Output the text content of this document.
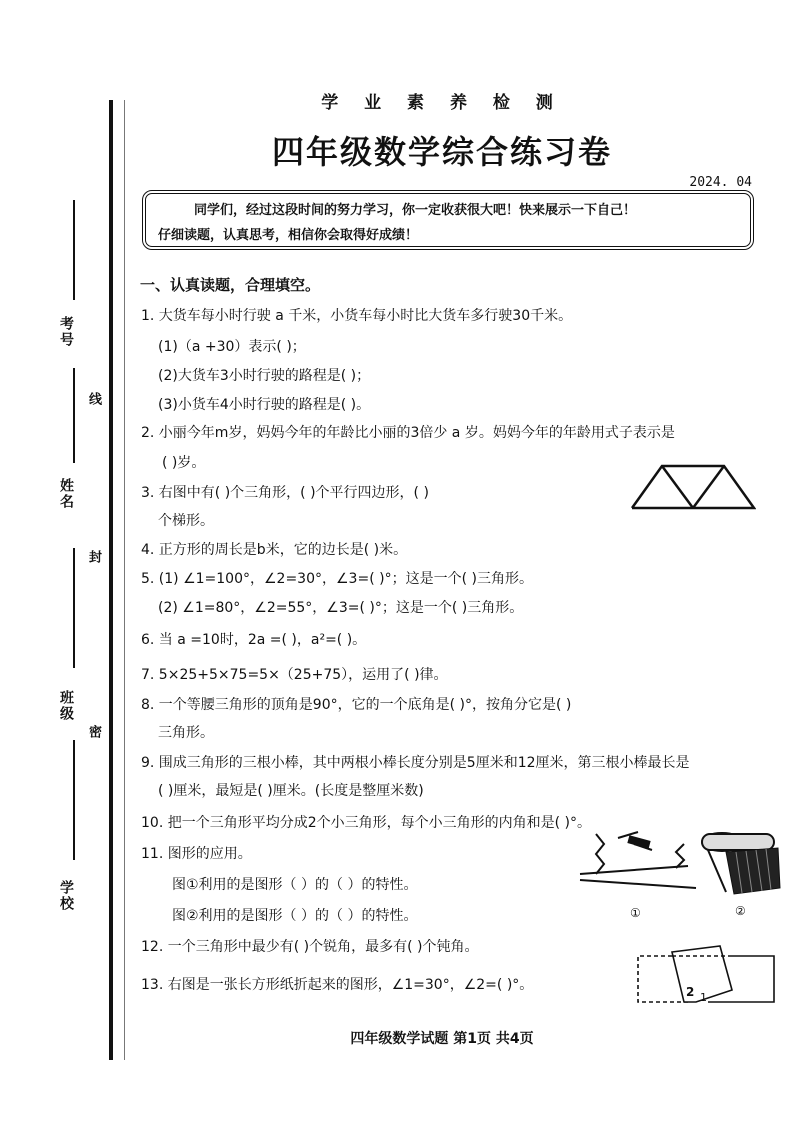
考号
姓名
班级
学校
线
封
密
学 业 素 养 检 测
四年级数学综合练习卷
2024. 04
同学们，经过这段时间的努力学习，你一定收获很大吧！快来展示一下自己！
仔细读题，认真思考，相信你会取得好成绩！
一、认真读题，合理填空。
1. 大货车每小时行驶 a 千米，小货车每小时比大货车多行驶30千米。
(1)（a +30）表示( )；
(2)大货车3小时行驶的路程是( )；
(3)小货车4小时行驶的路程是( )。
2. 小丽今年m岁，妈妈今年的年龄比小丽的3倍少 a 岁。妈妈今年的年龄用式子表示是
( )岁。
3. 右图中有( )个三角形，( )个平行四边形，( )
个梯形。
4. 正方形的周长是b米，它的边长是( )米。
5. (1) ∠1=100°，∠2=30°，∠3=( )°；这是一个( )三角形。
(2) ∠1=80°，∠2=55°，∠3=( )°；这是一个( )三角形。
6. 当 a =10时，2a =( )，a²=( )。
7. 5×25+5×75=5×（25+75），运用了( )律。
8. 一个等腰三角形的顶角是90°，它的一个底角是( )°，按角分它是( )
三角形。
9. 围成三角形的三根小棒，其中两根小棒长度分别是5厘米和12厘米，第三根小棒最长是
( )厘米，最短是( )厘米。(长度是整厘米数)
10. 把一个三角形平均分成2个小三角形，每个小三角形的内角和是( )°。
11. 图形的应用。
图①利用的是图形（ ）的（ ）的特性。
图②利用的是图形（ ）的（ ）的特性。	①	②
12. 一个三角形中最少有( )个锐角，最多有( )个钝角。
13. 右图是一张长方形纸折起来的图形，∠1=30°，∠2=( )°。	2 1
四年级数学试题 第1页 共4页
